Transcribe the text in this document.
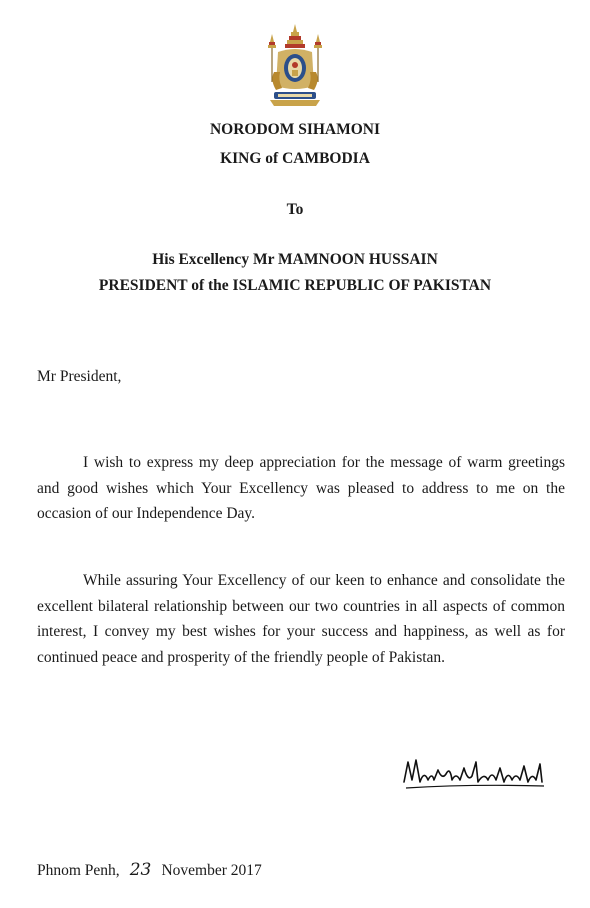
NORODOM SIHAMONI
KING of CAMBODIA
To
His Excellency Mr MAMNOON HUSSAIN
PRESIDENT of the ISLAMIC REPUBLIC OF PAKISTAN
Mr President,
I wish to express my deep appreciation for the message of warm greetings and good wishes which Your Excellency was pleased to address to me on the occasion of our Independence Day.
While assuring Your Excellency of our keen to enhance and consolidate the excellent bilateral relationship between our two countries in all aspects of common interest, I convey my best wishes for your success and happiness, as well as for continued peace and prosperity of the friendly people of Pakistan.
Phnom Penh, 23 November 2017
